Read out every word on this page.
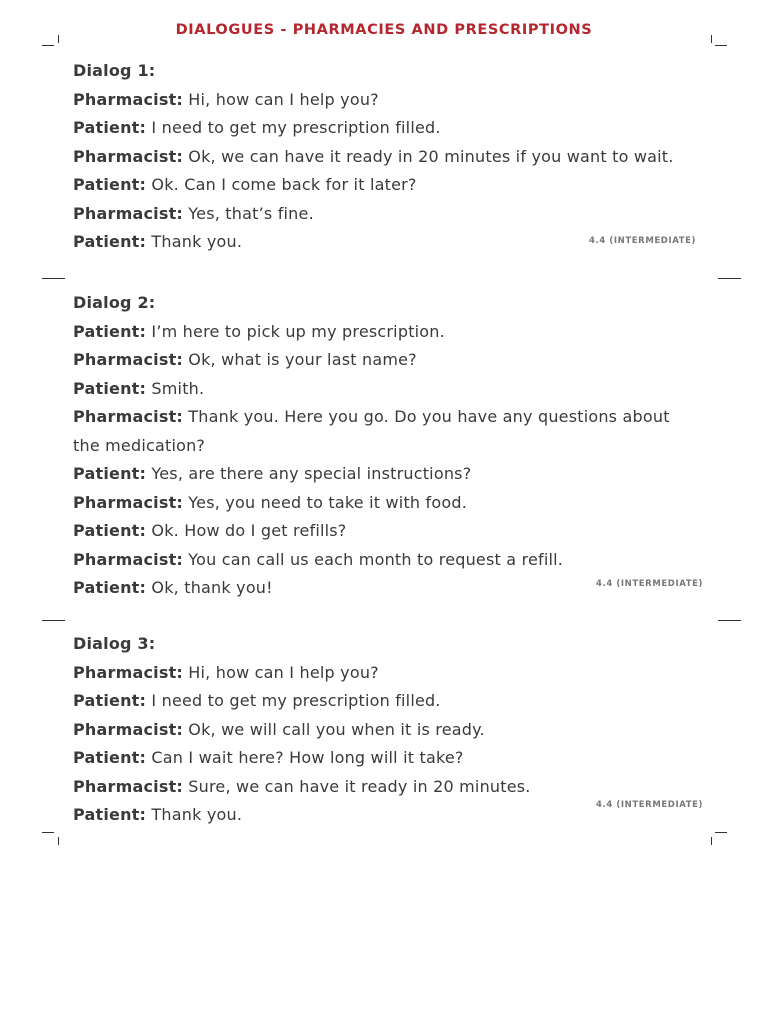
DIALOGUES - PHARMACIES AND PRESCRIPTIONS
Dialog 1:
Pharmacist: Hi, how can I help you?
Patient: I need to get my prescription filled.
Pharmacist: Ok, we can have it ready in 20 minutes if you want to wait.
Patient: Ok. Can I come back for it later?
Pharmacist: Yes, that’s fine.
Patient: Thank you.	4.4 (INTERMEDIATE)
Dialog 2:
Patient: I’m here to pick up my prescription.
Pharmacist: Ok, what is your last name?
Patient: Smith.
Pharmacist: Thank you. Here you go. Do you have any questions about the medication?
Patient: Yes, are there any special instructions?
Pharmacist: Yes, you need to take it with food.
Patient: Ok. How do I get refills?
Pharmacist: You can call us each month to request a refill.
Patient: Ok, thank you!	4.4 (INTERMEDIATE)
Dialog 3:
Pharmacist: Hi, how can I help you?
Patient: I need to get my prescription filled.
Pharmacist: Ok, we will call you when it is ready.
Patient: Can I wait here? How long will it take?
Pharmacist: Sure, we can have it ready in 20 minutes.
Patient: Thank you.	4.4 (INTERMEDIATE)
